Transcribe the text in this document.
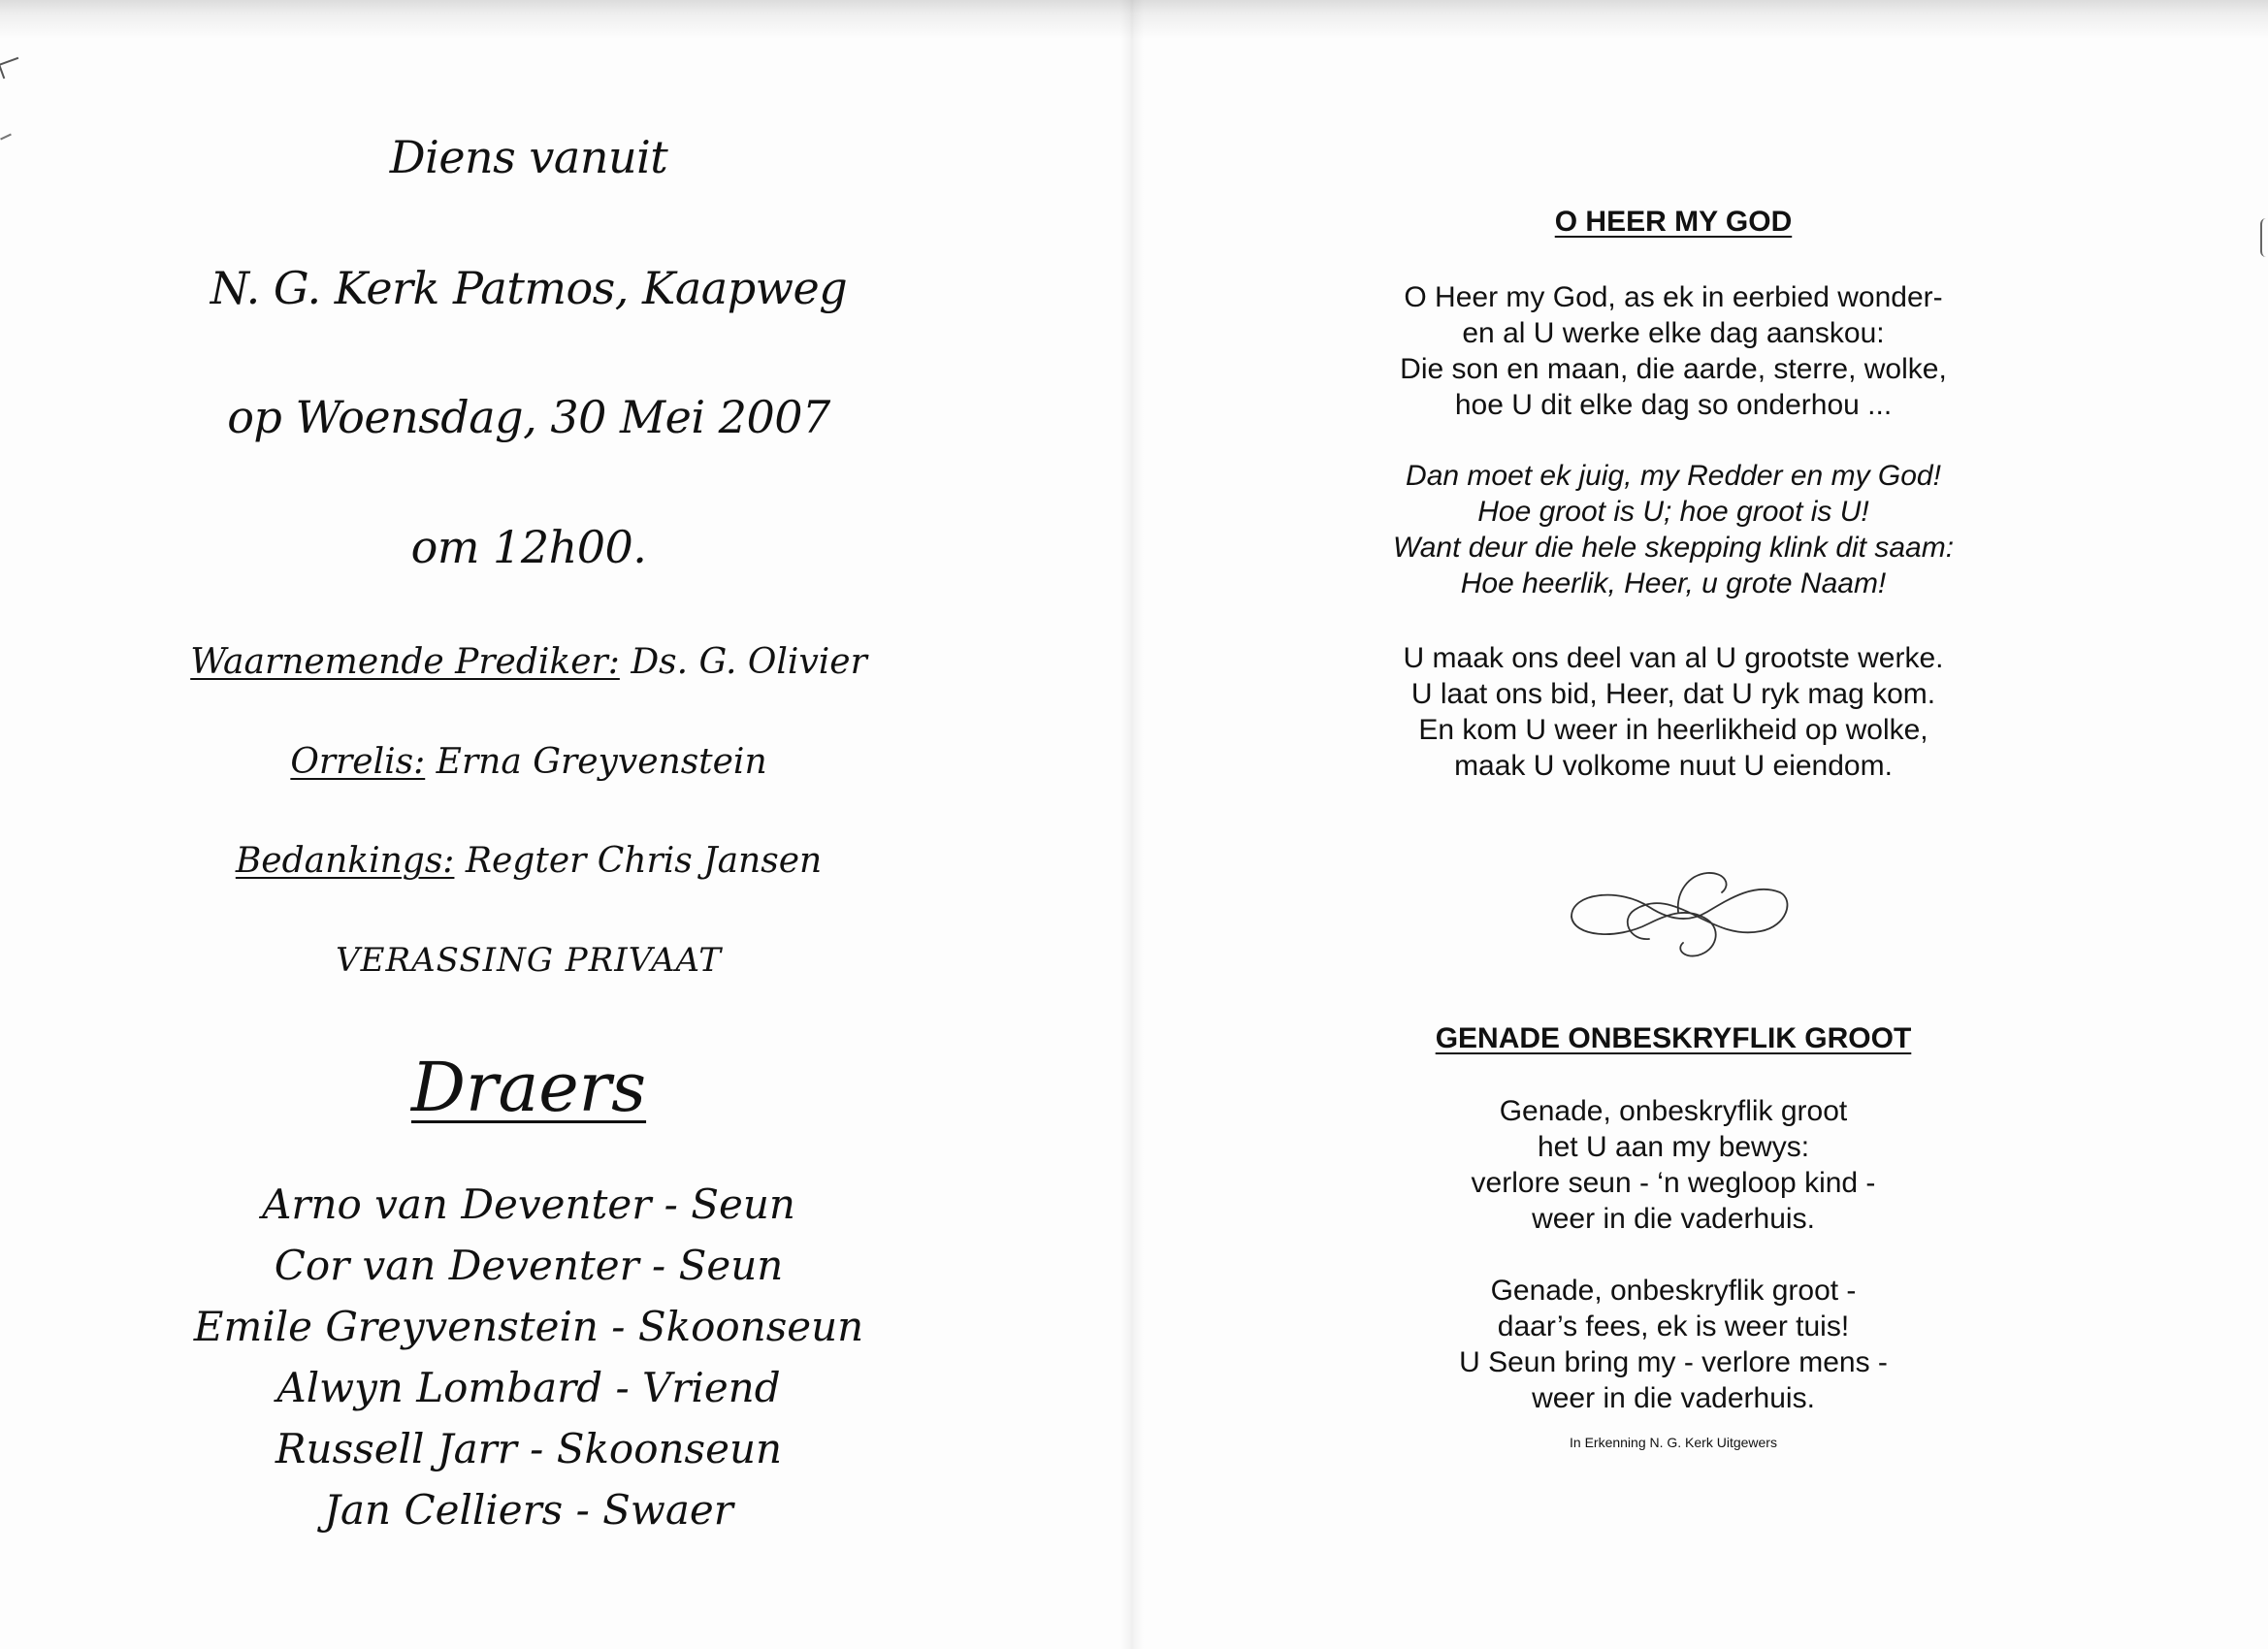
Diens vanuit
N. G. Kerk Patmos, Kaapweg
op Woensdag, 30 Mei 2007
om 12h00.
Waarnemende Prediker: Ds. G. Olivier
Orrelis: Erna Greyvenstein
Bedankings: Regter Chris Jansen
VERASSING PRIVAAT
Draers
Arno van Deventer - Seun
Cor van Deventer - Seun
Emile Greyvenstein - Skoonseun
Alwyn Lombard - Vriend
Russell Jarr - Skoonseun
Jan Celliers - Swaer
O HEER MY GOD
O Heer my God, as ek in eerbied wonder-
en al U werke elke dag aanskou:
Die son en maan, die aarde, sterre, wolke,
hoe U dit elke dag so onderhou ...
Dan moet ek juig, my Redder en my God!
Hoe groot is U; hoe groot is U!
Want deur die hele skepping klink dit saam:
Hoe heerlik, Heer, u grote Naam!
U maak ons deel van al U grootste werke.
U laat ons bid, Heer, dat U ryk mag kom.
En kom U weer in heerlikheid op wolke,
maak U volkome nuut U eiendom.
GENADE ONBESKRYFLIK GROOT
Genade, onbeskryflik groot
het U aan my bewys:
verlore seun - ‘n wegloop kind -
weer in die vaderhuis.
Genade, onbeskryflik groot -
daar’s fees, ek is weer tuis!
U Seun bring my - verlore mens -
weer in die vaderhuis.
In Erkenning N. G. Kerk Uitgewers
